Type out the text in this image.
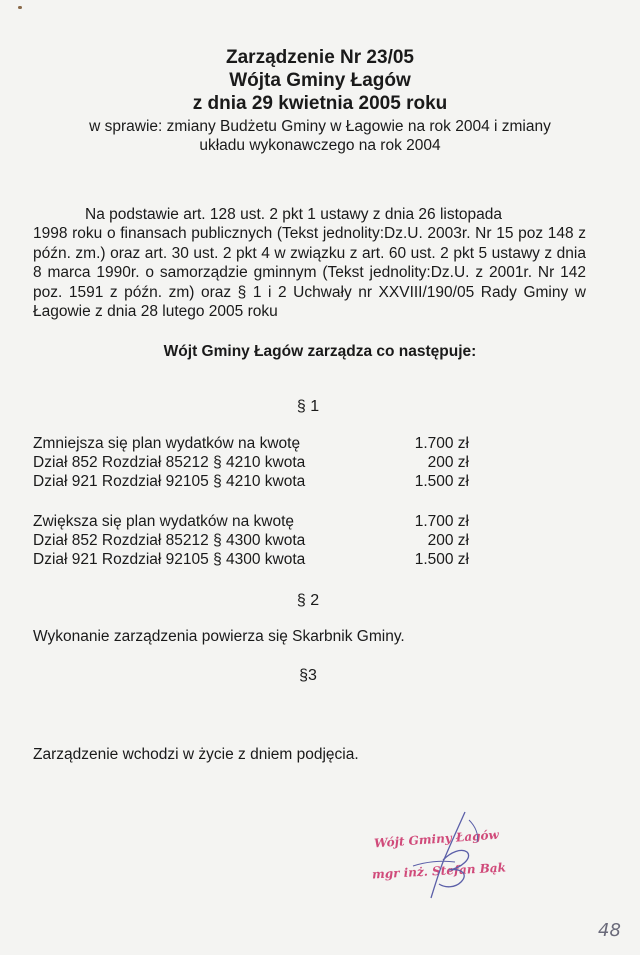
Zarządzenie Nr 23/05
Wójta Gminy Łagów
z dnia 29 kwietnia 2005 roku
w sprawie: zmiany Budżetu Gminy w Łagowie na rok 2004 i zmiany
układu wykonawczego na rok 2004
Na podstawie art. 128 ust. 2 pkt 1 ustawy z dnia 26 listopada
1998 roku o finansach publicznych (Tekst jednolity:Dz.U. 2003r. Nr 15 poz 148 z późn. zm.) oraz art. 30 ust. 2 pkt 4 w związku z art. 60 ust. 2 pkt 5 ustawy z dnia 8 marca 1990r. o samorządzie gminnym (Tekst jednolity:Dz.U. z 2001r. Nr 142 poz. 1591 z późn. zm) oraz § 1 i 2 Uchwały nr XXVIII/190/05 Rady Gminy w Łagowie z dnia 28 lutego 2005 roku
Wójt Gminy Łagów zarządza co następuje:
§ 1
Zmniejsza się plan wydatków na kwotę	1.700 zł
Dział 852 Rozdział 85212 § 4210 kwota	200 zł
Dział 921 Rozdział 92105 § 4210 kwota	1.500 zł
Zwiększa się plan wydatków na kwotę	1.700 zł
Dział 852 Rozdział 85212 § 4300 kwota	200 zł
Dział 921 Rozdział 92105 § 4300 kwota	1.500 zł
§ 2
Wykonanie zarządzenia powierza się Skarbnik Gminy.
§3
Zarządzenie wchodzi w życie z dniem podjęcia.
Wójt Gminy Łagów
mgr inż. Stefan Bąk
48
